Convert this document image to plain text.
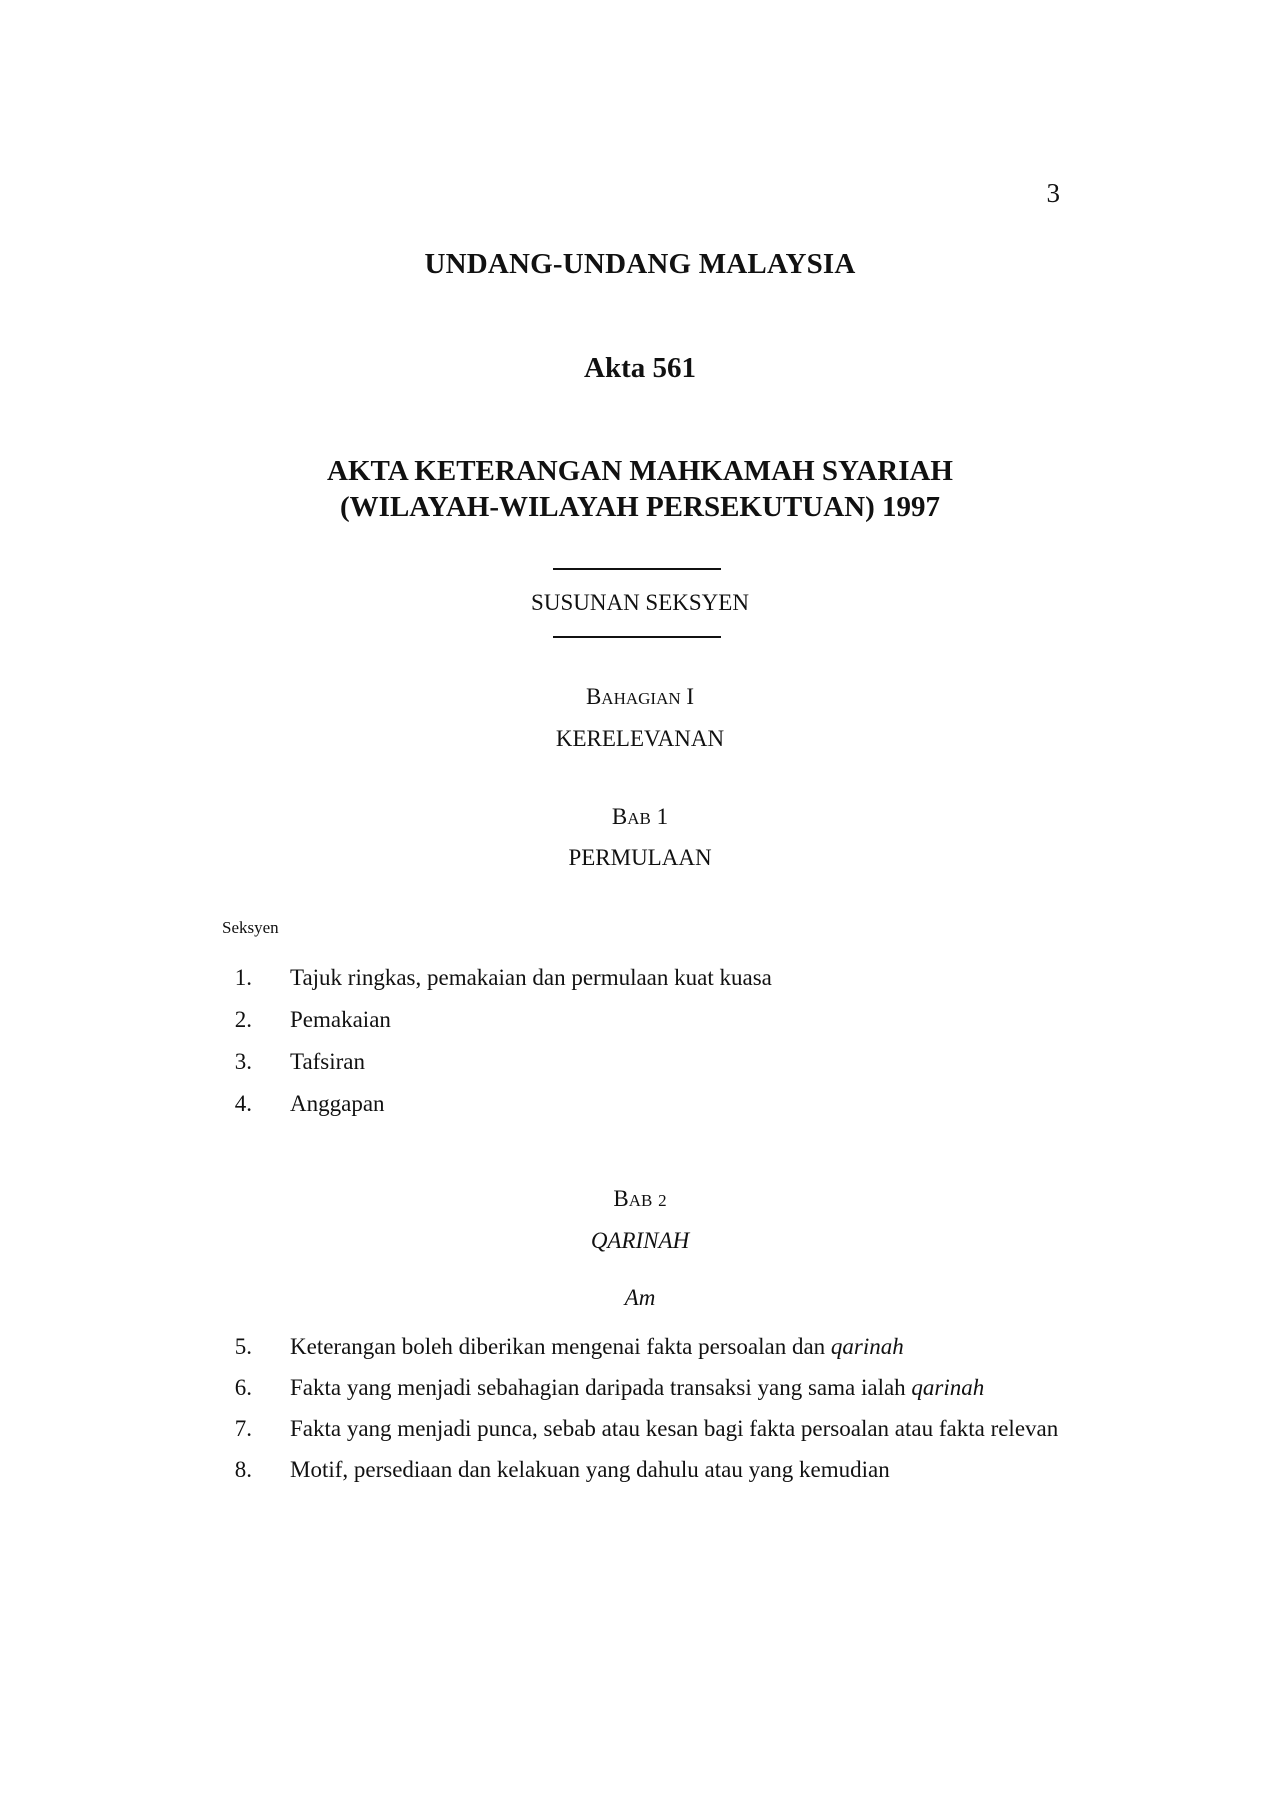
3
UNDANG-UNDANG MALAYSIA
Akta 561
AKTA KETERANGAN MAHKAMAH SYARIAH
(WILAYAH-WILAYAH PERSEKUTUAN) 1997
SUSUNAN SEKSYEN
BAHAGIAN I
KERELEVANAN
BAB 1
PERMULAAN
Seksyen
1. Tajuk ringkas, pemakaian dan permulaan kuat kuasa
2. Pemakaian
3. Tafsiran
4. Anggapan
BAB 2
QARINAH
Am
5. Keterangan boleh diberikan mengenai fakta persoalan dan qarinah
6. Fakta yang menjadi sebahagian daripada transaksi yang sama ialah qarinah
7. Fakta yang menjadi punca, sebab atau kesan bagi fakta persoalan atau fakta relevan
8. Motif, persediaan dan kelakuan yang dahulu atau yang kemudian
